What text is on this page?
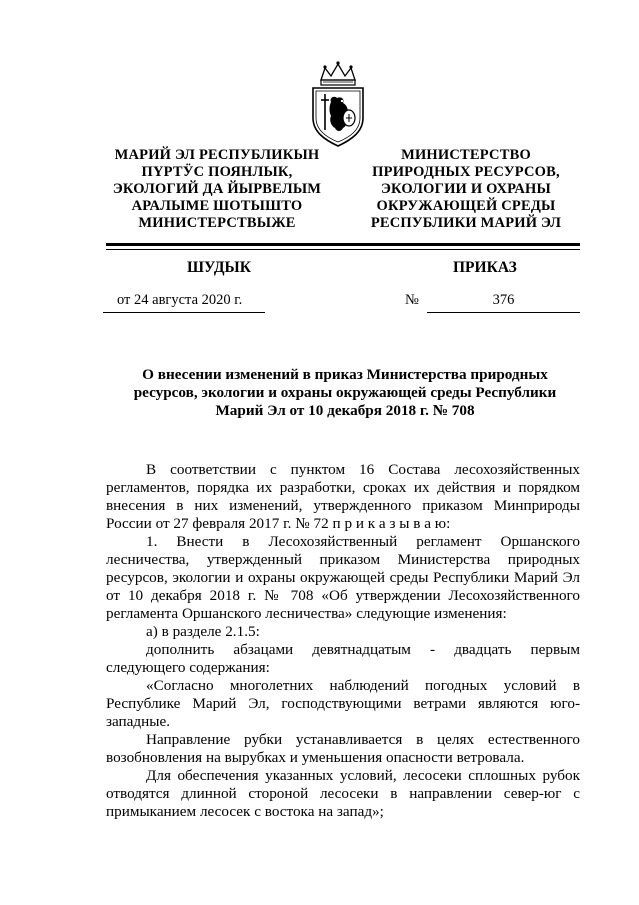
МАРИЙ ЭЛ РЕСПУБЛИКЫН
ПҮРТӰС ПОЯНЛЫК,
ЭКОЛОГИЙ ДА ЙЫРВЕЛЫМ
АРАЛЫМЕ ШОТЫШТО
МИНИСТЕРСТВЫЖЕ
МИНИСТЕРСТВО
ПРИРОДНЫХ РЕСУРСОВ,
ЭКОЛОГИИ И ОХРАНЫ
ОКРУЖАЮЩЕЙ СРЕДЫ
РЕСПУБЛИКИ МАРИЙ ЭЛ
ШУДЫК	ПРИКАЗ
от 24 августа 2020 г.	№	376
О внесении изменений в приказ Министерства природных
ресурсов, экологии и охраны окружающей среды Республики
Марий Эл от 10 декабря 2018 г. № 708
В соответствии с пунктом 16 Состава лесохозяйственных
регламентов, порядка их разработки, сроках их действия и порядком
внесения в них изменений, утвержденного приказом Минприроды
России от 27 февраля 2017 г. № 72 п р и к а з ы в а ю:
1. Внести в Лесохозяйственный регламент Оршанского
лесничества, утвержденный приказом Министерства природных
ресурсов, экологии и охраны окружающей среды Республики Марий Эл
от 10 декабря 2018 г. № 708 «Об утверждении Лесохозяйственного
регламента Оршанского лесничества» следующие изменения:
а) в разделе 2.1.5:
дополнить абзацами девятнадцатым - двадцать первым
следующего содержания:
«Согласно многолетних наблюдений погодных условий в
Республике Марий Эл, господствующими ветрами являются юго-
западные.
Направление рубки устанавливается в целях естественного
возобновления на вырубках и уменьшения опасности ветровала.
Для обеспечения указанных условий, лесосеки сплошных рубок
отводятся длинной стороной лесосеки в направлении север-юг с
примыканием лесосек с востока на запад»;
